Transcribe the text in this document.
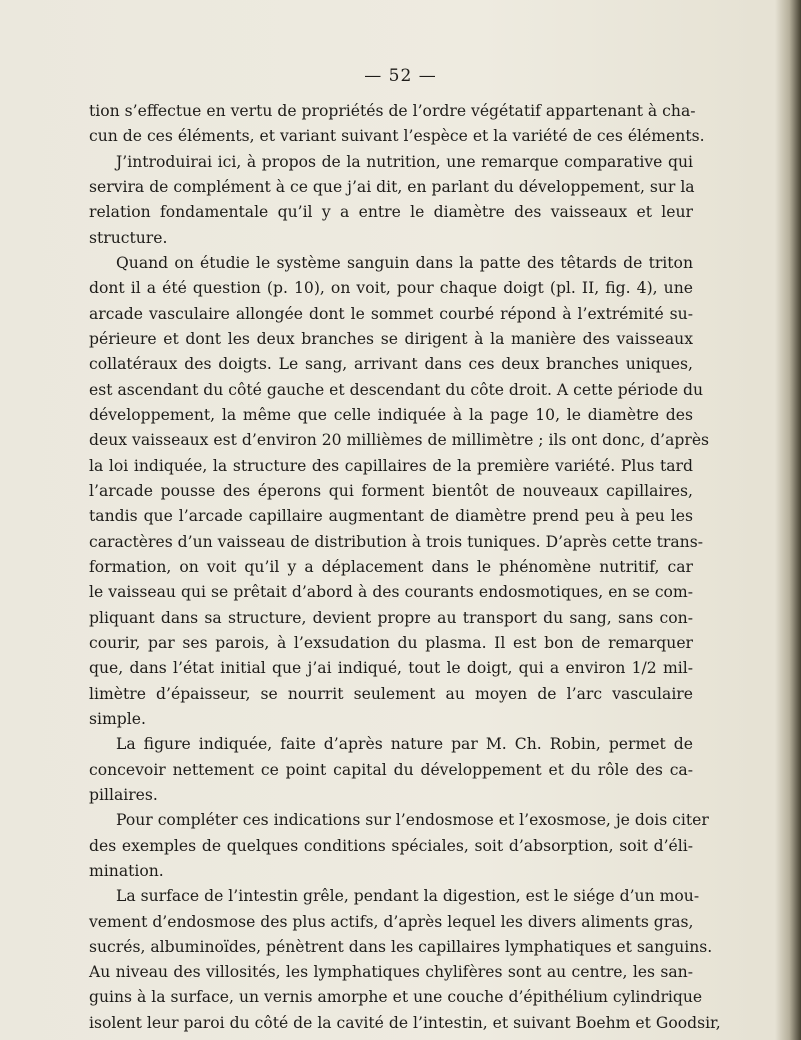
— 52 —
tion s’effectue en vertu de propriétés de l’ordre végétatif appartenant à cha-
cun de ces éléments, et variant suivant l’espèce et la variété de ces éléments.
J’introduirai ici, à propos de la nutrition, une remarque comparative qui
servira de complément à ce que j’ai dit, en parlant du développement, sur la
relation fondamentale qu’il y a entre le diamètre des vaisseaux et leur
structure.
Quand on étudie le système sanguin dans la patte des têtards de triton
dont il a été question (p. 10), on voit, pour chaque doigt (pl. II, fig. 4), une
arcade vasculaire allongée dont le sommet courbé répond à l’extrémité su-
périeure et dont les deux branches se dirigent à la manière des vaisseaux
collatéraux des doigts. Le sang, arrivant dans ces deux branches uniques,
est ascendant du côté gauche et descendant du côte droit. A cette période du
développement, la même que celle indiquée à la page 10, le diamètre des
deux vaisseaux est d’environ 20 millièmes de millimètre ; ils ont donc, d’après
la loi indiquée, la structure des capillaires de la première variété. Plus tard
l’arcade pousse des éperons qui forment bientôt de nouveaux capillaires,
tandis que l’arcade capillaire augmentant de diamètre prend peu à peu les
caractères d’un vaisseau de distribution à trois tuniques. D’après cette trans-
formation, on voit qu’il y a déplacement dans le phénomène nutritif, car
le vaisseau qui se prêtait d’abord à des courants endosmotiques, en se com-
pliquant dans sa structure, devient propre au transport du sang, sans con-
courir, par ses parois, à l’exsudation du plasma. Il est bon de remarquer
que, dans l’état initial que j’ai indiqué, tout le doigt, qui a environ 1/2 mil-
limètre d’épaisseur, se nourrit seulement au moyen de l’arc vasculaire
simple.
La figure indiquée, faite d’après nature par M. Ch. Robin, permet de
concevoir nettement ce point capital du développement et du rôle des ca-
pillaires.
Pour compléter ces indications sur l’endosmose et l’exosmose, je dois citer
des exemples de quelques conditions spéciales, soit d’absorption, soit d’éli-
mination.
La surface de l’intestin grêle, pendant la digestion, est le siége d’un mou-
vement d’endosmose des plus actifs, d’après lequel les divers aliments gras,
sucrés, albuminoïdes, pénètrent dans les capillaires lymphatiques et sanguins.
Au niveau des villosités, les lymphatiques chylifères sont au centre, les san-
guins à la surface, un vernis amorphe et une couche d’épithélium cylindrique
isolent leur paroi du côté de la cavité de l’intestin, et suivant Boehm et Goodsir,
